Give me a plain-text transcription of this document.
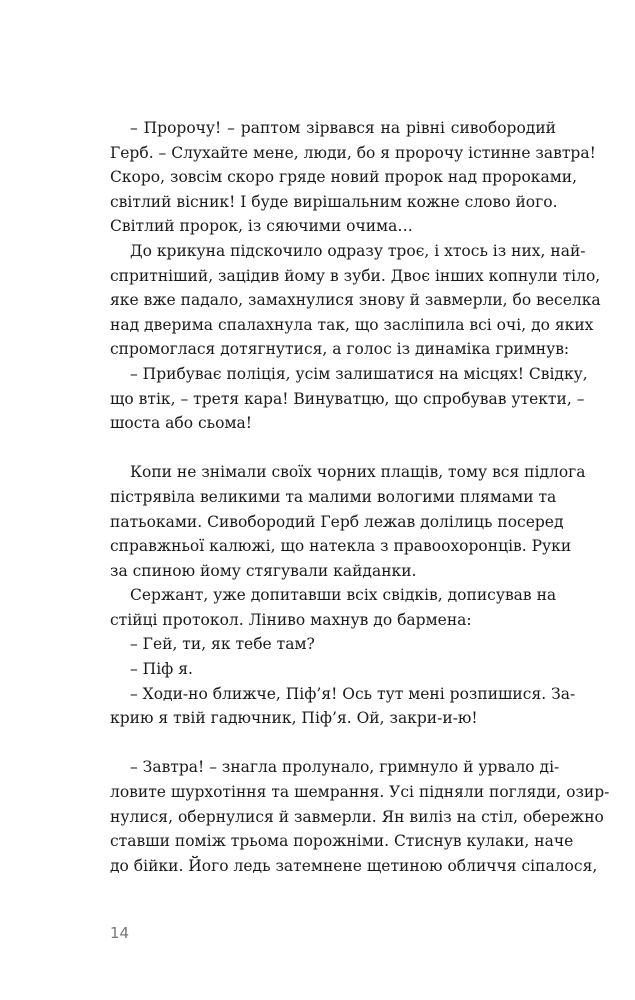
– Пророчу! – раптом зірвався на рівні сивобородий
Герб. – Слухайте мене, люди, бо я пророчу істинне завтра!
Скоро, зовсім скоро гряде новий пророк над пророками,
світлий вісник! І буде вирішальним кожне слово його.
Світлий пророк, із сяючими очима…
До крикуна підскочило одразу троє, і хтось із них, най-
спритніший, зацідив йому в зуби. Двоє інших копнули тіло,
яке вже падало, замахнулися знову й завмерли, бо веселка
над дверима спалахнула так, що засліпила всі очі, до яких
спромоглася дотягнутися, а голос із динаміка гримнув:
– Прибуває поліція, усім залишатися на місцях! Свідку,
що втік, – третя кара! Винуватцю, що спробував утекти, –
шоста або сьома!
Копи не знімали своїх чорних плащів, тому вся підлога
пістрявіла великими та малими вологими плямами та
патьоками. Сивобородий Герб лежав долілиць посеред
справжньої калюжі, що натекла з правоохоронців. Руки
за спиною йому стягували кайданки.
Сержант, уже допитавши всіх свідків, дописував на
стійці протокол. Ліниво махнув до бармена:
– Гей, ти, як тебе там?
– Піф я.
– Ходи-но ближче, Піф’я! Ось тут мені розпишися. За-
крию я твій гадючник, Піф’я. Ой, закри-и-ю!
– Завтра! – знагла пролунало, гримнуло й урвало ді-
ловите шурхотіння та шемрання. Усі підняли погляди, озир-
нулися, обернулися й завмерли. Ян виліз на стіл, обережно
ставши поміж трьома порожніми. Стиснув кулаки, наче
до бійки. Його ледь затемнене щетиною обличчя сіпалося,
14
